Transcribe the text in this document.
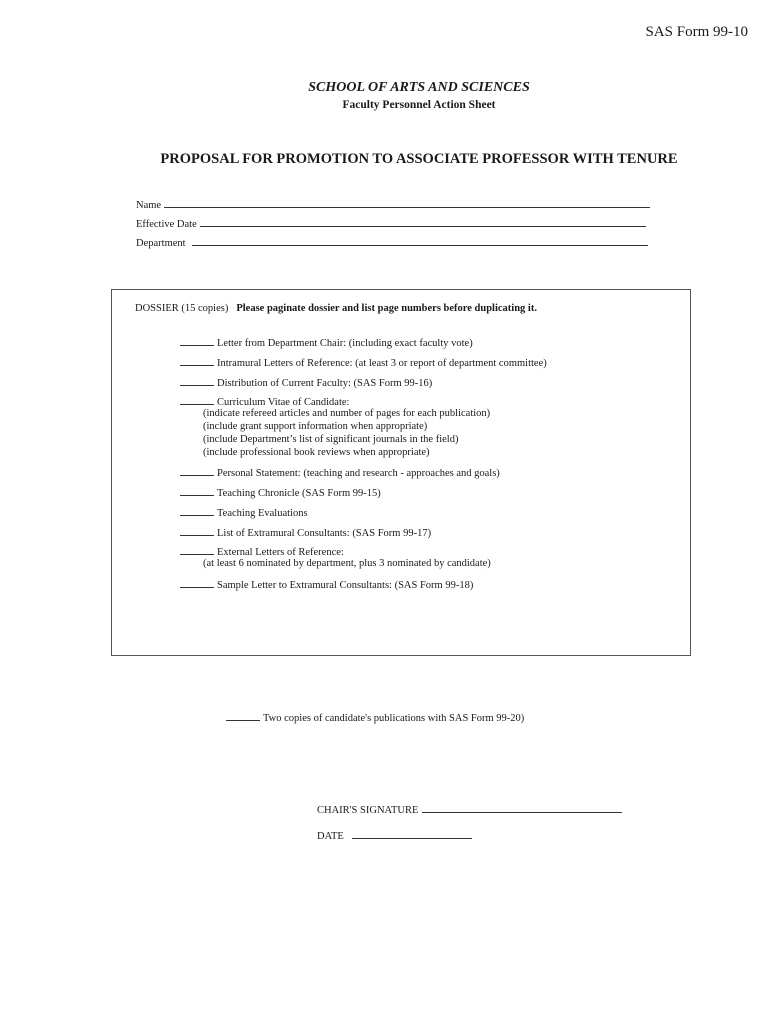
SAS Form 99-10
SCHOOL OF ARTS AND SCIENCES
Faculty Personnel Action Sheet
PROPOSAL FOR PROMOTION TO ASSOCIATE PROFESSOR WITH TENURE
Name
Effective Date
Department
DOSSIER (15 copies) Please paginate dossier and list page numbers before duplicating it.
Letter from Department Chair: (including exact faculty vote)
Intramural Letters of Reference: (at least 3 or report of department committee)
Distribution of Current Faculty: (SAS Form 99-16)
Curriculum Vitae of Candidate:
(indicate refereed articles and number of pages for each publication)
(include grant support information when appropriate)
(include Department’s list of significant journals in the field)
(include professional book reviews when appropriate)
Personal Statement: (teaching and research - approaches and goals)
Teaching Chronicle (SAS Form 99-15)
Teaching Evaluations
List of Extramural Consultants: (SAS Form 99-17)
External Letters of Reference:
(at least 6 nominated by department, plus 3 nominated by candidate)
Sample Letter to Extramural Consultants: (SAS Form 99-18)
Two copies of candidate's publications with SAS Form 99-20)
CHAIR'S SIGNATURE
DATE
